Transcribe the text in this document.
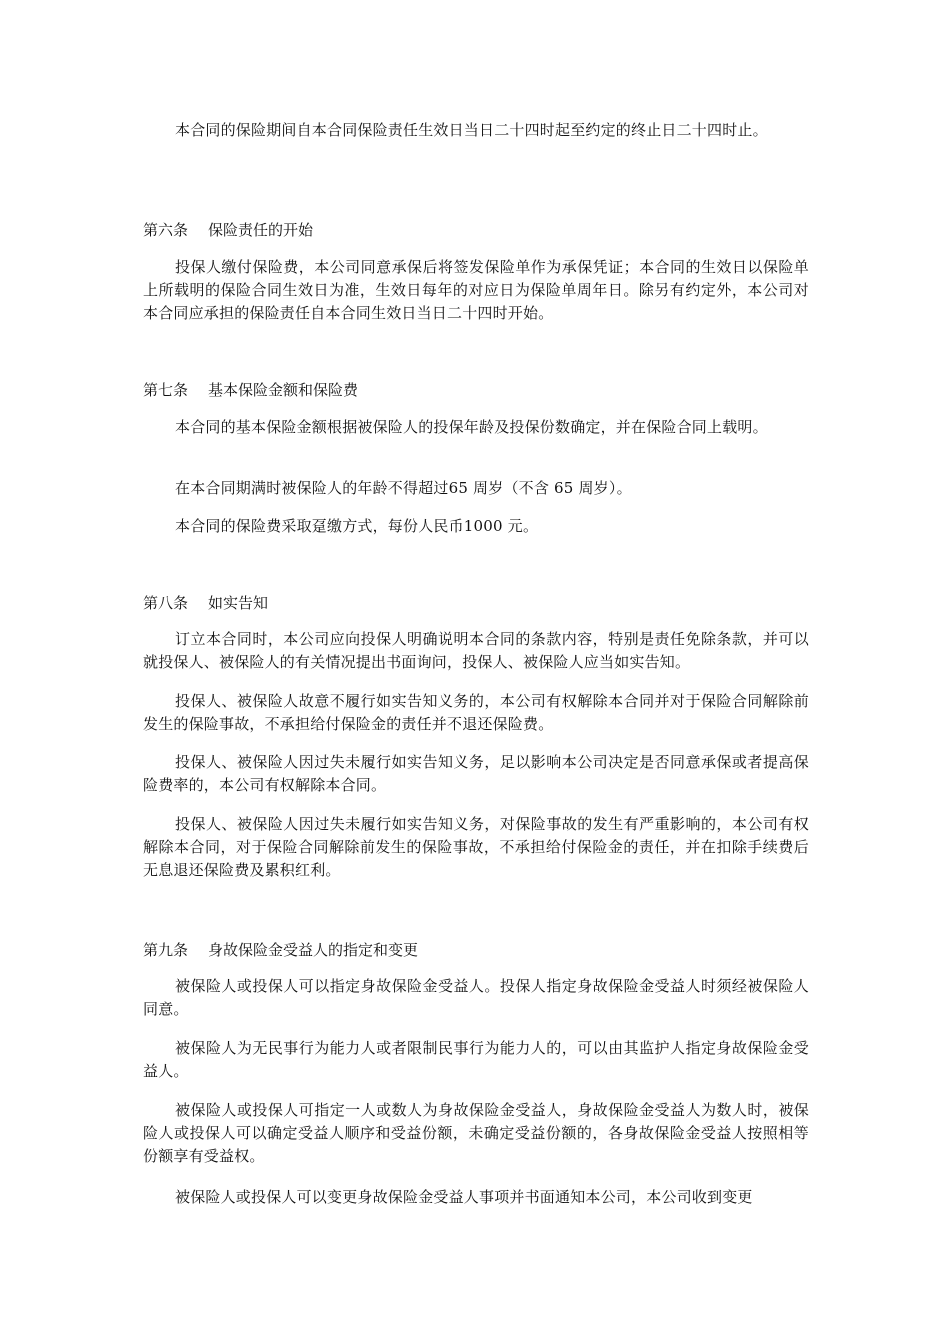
本合同的保险期间自本合同保险责任生效日当日二十四时起至约定的终止日二十四时止。

第六条 保险责任的开始

投保人缴付保险费，本公司同意承保后将签发保险单作为承保凭证；本合同的生效日以保险单上所载明的保险合同生效日为准，生效日每年的对应日为保险单周年日。除另有约定外，本公司对本合同应承担的保险责任自本合同生效日当日二十四时开始。

第七条 基本保险金额和保险费

本合同的基本保险金额根据被保险人的投保年龄及投保份数确定，并在保险合同上载明。

在本合同期满时被保险人的年龄不得超过65 周岁（不含 65 周岁）。

本合同的保险费采取趸缴方式，每份人民币1000 元。

第八条 如实告知

订立本合同时，本公司应向投保人明确说明本合同的条款内容，特别是责任免除条款，并可以就投保人、被保险人的有关情况提出书面询问，投保人、被保险人应当如实告知。

投保人、被保险人故意不履行如实告知义务的，本公司有权解除本合同并对于保险合同解除前发生的保险事故，不承担给付保险金的责任并不退还保险费。

投保人、被保险人因过失未履行如实告知义务，足以影响本公司决定是否同意承保或者提高保险费率的，本公司有权解除本合同。

投保人、被保险人因过失未履行如实告知义务，对保险事故的发生有严重影响的，本公司有权解除本合同，对于保险合同解除前发生的保险事故，不承担给付保险金的责任，并在扣除手续费后无息退还保险费及累积红利。

第九条 身故保险金受益人的指定和变更

被保险人或投保人可以指定身故保险金受益人。投保人指定身故保险金受益人时须经被保险人同意。

被保险人为无民事行为能力人或者限制民事行为能力人的，可以由其监护人指定身故保险金受益人。

被保险人或投保人可指定一人或数人为身故保险金受益人，身故保险金受益人为数人时，被保险人或投保人可以确定受益人顺序和受益份额，未确定受益份额的，各身故保险金受益人按照相等份额享有受益权。

被保险人或投保人可以变更身故保险金受益人事项并书面通知本公司，本公司收到变更
